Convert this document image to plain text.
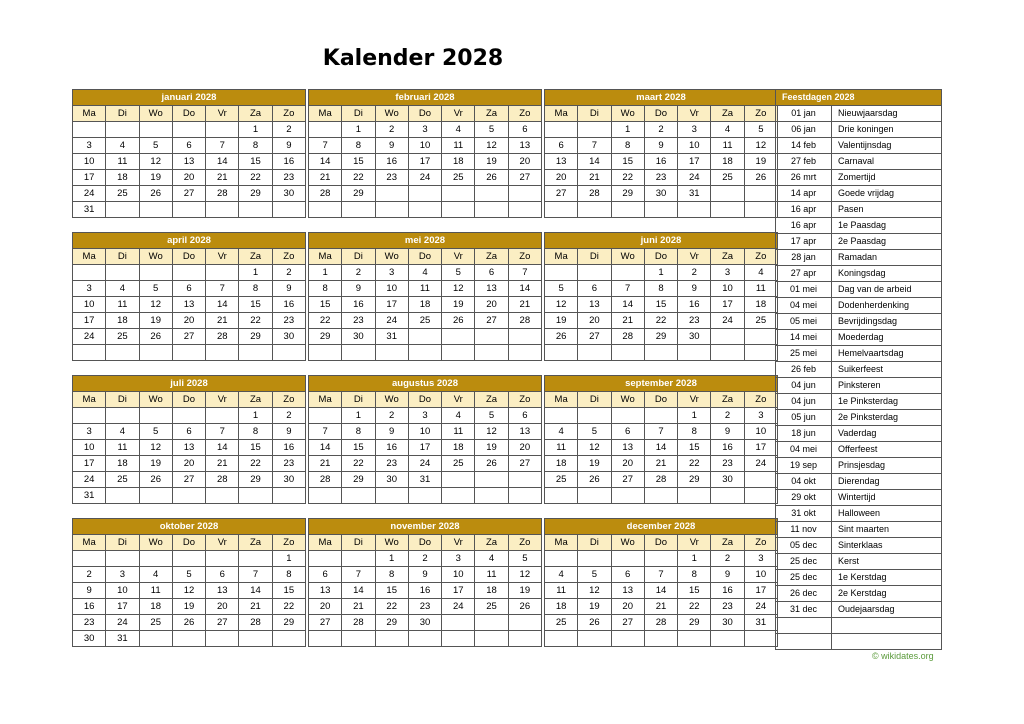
Kalender 2028
januari 2028						
Ma	Di	Wo	Do	Vr	Za	Zo
					1	2
3	4	5	6	7	8	9
10	11	12	13	14	15	16
17	18	19	20	21	22	23
24	25	26	27	28	29	30
31						
februari 2028						
Ma	Di	Wo	Do	Vr	Za	Zo
	1	2	3	4	5	6
7	8	9	10	11	12	13
14	15	16	17	18	19	20
21	22	23	24	25	26	27
28	29					

maart 2028						
Ma	Di	Wo	Do	Vr	Za	Zo
		1	2	3	4	5
6	7	8	9	10	11	12
13	14	15	16	17	18	19
20	21	22	23	24	25	26
27	28	29	30	31		

april 2028						
Ma	Di	Wo	Do	Vr	Za	Zo
					1	2
3	4	5	6	7	8	9
10	11	12	13	14	15	16
17	18	19	20	21	22	23
24	25	26	27	28	29	30

mei 2028						
Ma	Di	Wo	Do	Vr	Za	Zo
1	2	3	4	5	6	7
8	9	10	11	12	13	14
15	16	17	18	19	20	21
22	23	24	25	26	27	28
29	30	31				

juni 2028						
Ma	Di	Wo	Do	Vr	Za	Zo
			1	2	3	4
5	6	7	8	9	10	11
12	13	14	15	16	17	18
19	20	21	22	23	24	25
26	27	28	29	30		

juli 2028						
Ma	Di	Wo	Do	Vr	Za	Zo
					1	2
3	4	5	6	7	8	9
10	11	12	13	14	15	16
17	18	19	20	21	22	23
24	25	26	27	28	29	30
31						
augustus 2028						
Ma	Di	Wo	Do	Vr	Za	Zo
	1	2	3	4	5	6
7	8	9	10	11	12	13
14	15	16	17	18	19	20
21	22	23	24	25	26	27
28	29	30	31			

september 2028						
Ma	Di	Wo	Do	Vr	Za	Zo
				1	2	3
4	5	6	7	8	9	10
11	12	13	14	15	16	17
18	19	20	21	22	23	24
25	26	27	28	29	30	

oktober 2028						
Ma	Di	Wo	Do	Vr	Za	Zo
						1
2	3	4	5	6	7	8
9	10	11	12	13	14	15
16	17	18	19	20	21	22
23	24	25	26	27	28	29
30	31					
november 2028						
Ma	Di	Wo	Do	Vr	Za	Zo
		1	2	3	4	5
6	7	8	9	10	11	12
13	14	15	16	17	18	19
20	21	22	23	24	25	26
27	28	29	30			

december 2028						
Ma	Di	Wo	Do	Vr	Za	Zo
				1	2	3
4	5	6	7	8	9	10
11	12	13	14	15	16	17
18	19	20	21	22	23	24
25	26	27	28	29	30	31

Feestdagen 2028	
01 jan	Nieuwjaarsdag
06 jan	Drie koningen
14 feb	Valentijnsdag
27 feb	Carnaval
26 mrt	Zomertijd
14 apr	Goede vrijdag
16 apr	Pasen
16 apr	1e Paasdag
17 apr	2e Paasdag
28 jan	Ramadan
27 apr	Koningsdag
01 mei	Dag van de arbeid
04 mei	Dodenherdenking
05 mei	Bevrijdingsdag
14 mei	Moederdag
25 mei	Hemelvaartsdag
26 feb	Suikerfeest
04 jun	Pinksteren
04 jun	1e Pinksterdag
05 jun	2e Pinksterdag
18 jun	Vaderdag
04 mei	Offerfeest
19 sep	Prinsjesdag
04 okt	Dierendag
29 okt	Wintertijd
31 okt	Halloween
11 nov	Sint maarten
05 dec	Sinterklaas
25 dec	Kerst
25 dec	1e Kerstdag
26 dec	2e Kerstdag
31 dec	Oudejaarsdag

© wikidates.org
